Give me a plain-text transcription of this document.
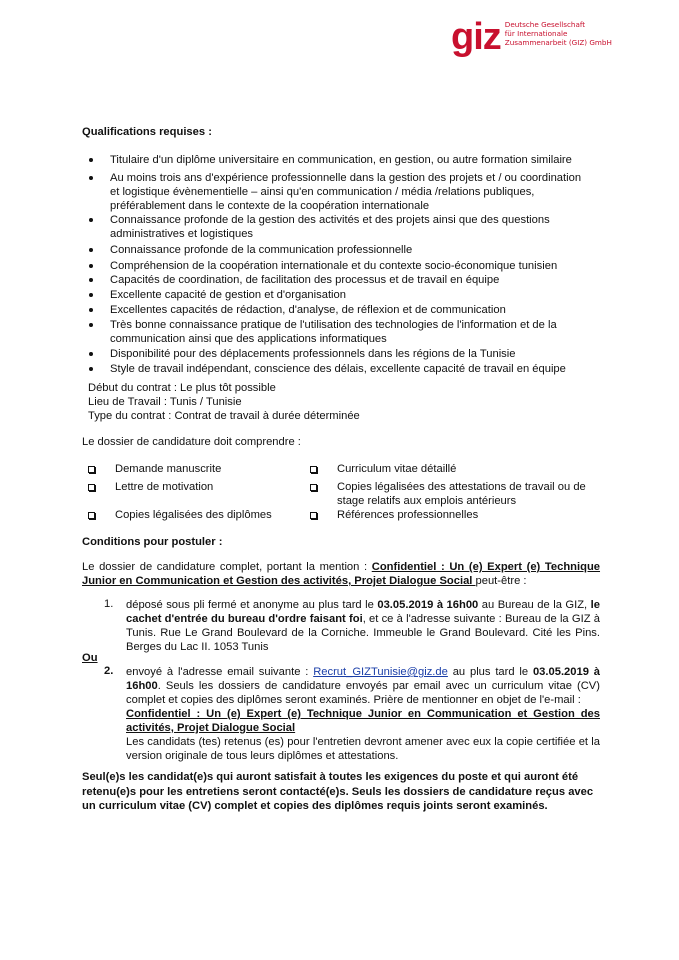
giz Deutsche Gesellschaft
für Internationale
Zusammenarbeit (GIZ) GmbH
Qualifications requises :
Titulaire d'un diplôme universitaire en communication, en gestion, ou autre formation similaire
Au moins trois ans d'expérience professionnelle dans la gestion des projets et / ou coordination et logistique évènementielle – ainsi qu'en communication / média /relations publiques, préférablement dans le contexte de la coopération internationale
Connaissance profonde de la gestion des activités et des projets ainsi que des questions administratives et logistiques
Connaissance profonde de la communication professionnelle
Compréhension de la coopération internationale et du contexte socio-économique tunisien
Capacités de coordination, de facilitation des processus et de travail en équipe
Excellente capacité de gestion et d'organisation
Excellentes capacités de rédaction, d'analyse, de réflexion et de communication
Très bonne connaissance pratique de l'utilisation des technologies de l'information et de la communication ainsi que des applications informatiques
Disponibilité pour des déplacements professionnels dans les régions de la Tunisie
Style de travail indépendant, conscience des délais, excellente capacité de travail en équipe
Début du contrat : Le plus tôt possible
Lieu de Travail : Tunis / Tunisie
Type du contrat : Contrat de travail à durée déterminée
Le dossier de candidature doit comprendre :
Demande manuscrite
Lettre de motivation
Copies légalisées des diplômes
Curriculum vitae détaillé
Copies légalisées des attestations de travail ou de stage relatifs aux emplois antérieurs
Références professionnelles
Conditions pour postuler :
Le dossier de candidature complet, portant la mention : Confidentiel : Un (e) Expert (e) Technique Junior en Communication et Gestion des activités, Projet Dialogue Social peut-être :
1. déposé sous pli fermé et anonyme au plus tard le 03.05.2019 à 16h00 au Bureau de la GIZ, le cachet d'entrée du bureau d'ordre faisant foi, et ce à l'adresse suivante : Bureau de la GIZ à Tunis. Rue Le Grand Boulevard de la Corniche. Immeuble le Grand Boulevard. Cité les Pins. Berges du Lac II. 1053 Tunis
Ou
2. envoyé à l'adresse email suivante : Recrut_GIZTunisie@giz.de au plus tard le 03.05.2019 à 16h00. Seuls les dossiers de candidature envoyés par email avec un curriculum vitae (CV) complet et copies des diplômes seront examinés. Prière de mentionner en objet de l'e-mail :
Confidentiel : Un (e) Expert (e) Technique Junior en Communication et Gestion des activités, Projet Dialogue Social
Les candidats (tes) retenus (es) pour l'entretien devront amener avec eux la copie certifiée et la version originale de tous leurs diplômes et attestations.
Seul(e)s les candidat(e)s qui auront satisfait à toutes les exigences du poste et qui auront été retenu(e)s pour les entretiens seront contacté(e)s. Seuls les dossiers de candidature reçus avec un curriculum vitae (CV) complet et copies des diplômes requis joints seront examinés.
